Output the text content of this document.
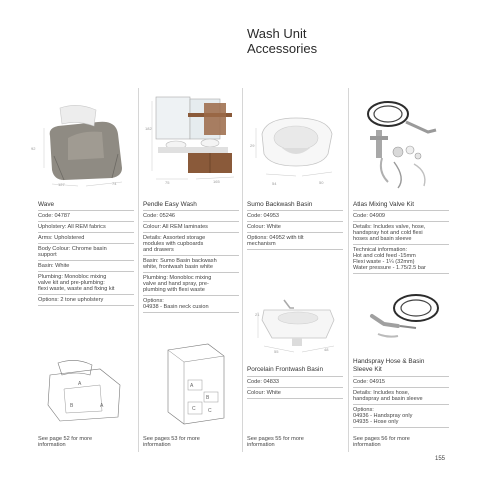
Wash Unit
Accessories
92
127	74
182
75	165
29
54	50
21
55	48
A
B	A
A
B
C C
Wave
Code: 04787
Upholstery: All REM fabrics
Arms: Upholstered
Body Colour: Chrome basin
support
Basin: White
Plumbing: Monobloc mixing
valve kit and pre-plumbing:
flexi waste, waste and fixing kit
Options: 2 tone upholstery
See page 52 for more
information
Pendle Easy Wash
Code: 05246
Colour: All REM laminates
Details: Assorted storage
modules with cupboards
and drawers
Basin: Sumo Basin backwash
white, frontwash basin white
Plumbing: Monobloc mixing
valve and hand spray, pre-
plumbing with flexi waste
Options:
04938 - Basin neck cusion
See pages 53 for more
information
Sumo Backwash Basin
Code: 04953
Colour: White
Options: 04952 with tilt
mechanism
Porcelain Frontwash Basin
Code: 04833
Colour: White
See pages 55 for more
information
Atlas Mixing Valve Kit
Code: 04909
Details: Includes valve, hose,
handspray hot and cold flexi
hoses and basin sleeve
Technical information:
Hot and cold feed -15mm
Flexi waste - 1¼ (32mm)
Water pressure - 1.75/2.5 bar
Handspray Hose & Basin
Sleeve Kit
Code: 04915
Details: Includes hose,
handspray and basin sleeve
Options:
04936 - Handspray only
04935 - Hose only
See pages 56 for more
information
155
